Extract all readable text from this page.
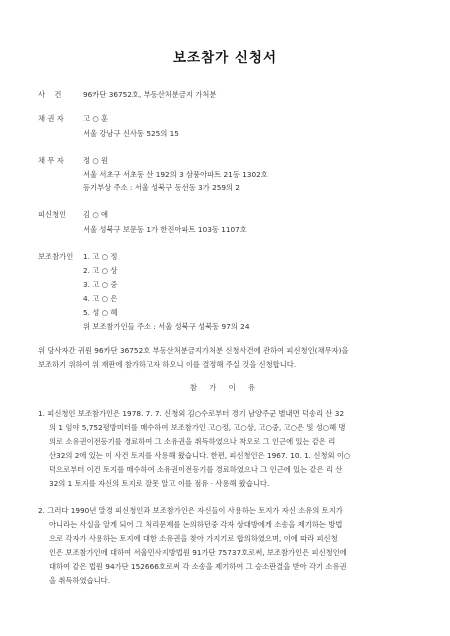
보조참가 신청서
사    건	96카단 36752호, 부동산처분금지 가처분
채 권 자	고 ○ 훈
서울 강남구 신사동 525의 15
채 무 자	정 ○ 원
서울 서초구 서초동 산 192의 3 삼풍아파트 21동 1302호
등기부상 주소 : 서울 성북구 동선동 3가 259의 2
피신청인 김 ○ 애
서울 성북구 보문동 1가 한진아파트 103동 1107호
보조참가인 1. 고 ○ 정
2. 고 ○ 상
3. 고 ○ 중
4. 고 ○ 은
5. 성 ○ 혜
위 보조참가인들 주소 : 서울 성북구 성북동 97의 24
위 당사자간 귀원 96카단 36752호 부동산처분금지가처분 신청사건에 관하여 피신청인(채무자)을
보조하기 위하여 위 재판에 참가하고자 하오니 이를 결정해 주실 것을 신청합니다.
참 가 이 유
1. 피신청인 보조참가인은 1978. 7. 7. 신청외 김○수로부터 경기 남양주군 별내면 덕송리 산 32
의 1 임야 5,752평방미터를 매수하여 보조참가인 고○정, 고○상, 고○중, 고○은 및 성○혜 명
의로 소유권이전등기를 경료하여 그 소유권을 취득하였으나 착오로 그 인근에 있는 같은 리
산32의 2에 있는 이 사건 토지를 사용해 왔습니다. 한편, 피신청인은 1967. 10. 1. 신청외 이○
덕으로부터 이건 토지를 매수하여 소유권이전등기를 경료하였으나 그 인근에 있는 같은 리 산
32의 1 토지를 자신의 토지로 잘못 알고 이를 점유 · 사용해 왔습니다.
2. 그러다 1990년 말경 피신청인과 보조참가인은 자신들이 사용하는 토지가 자신 소유의 토지가
아니라는 사실을 알게 되어 그 처리문제를 논의하던중 각자 상대방에게 소송을 제기하는 방법
으로 각자가 사용하는 토지에 대한 소유권을 찾아 가지기로 합의하였으며, 이에 따라 피신청
인은 보조참가인에 대하여 서울민사지방법원 91가단 75737호로써, 보조참가인은 피신청인에
대하여 같은 법원 94가단 152666호로써 각 소송을 제기하여 그 승소판결을 받아 각기 소유권
을 취득하였습니다.
